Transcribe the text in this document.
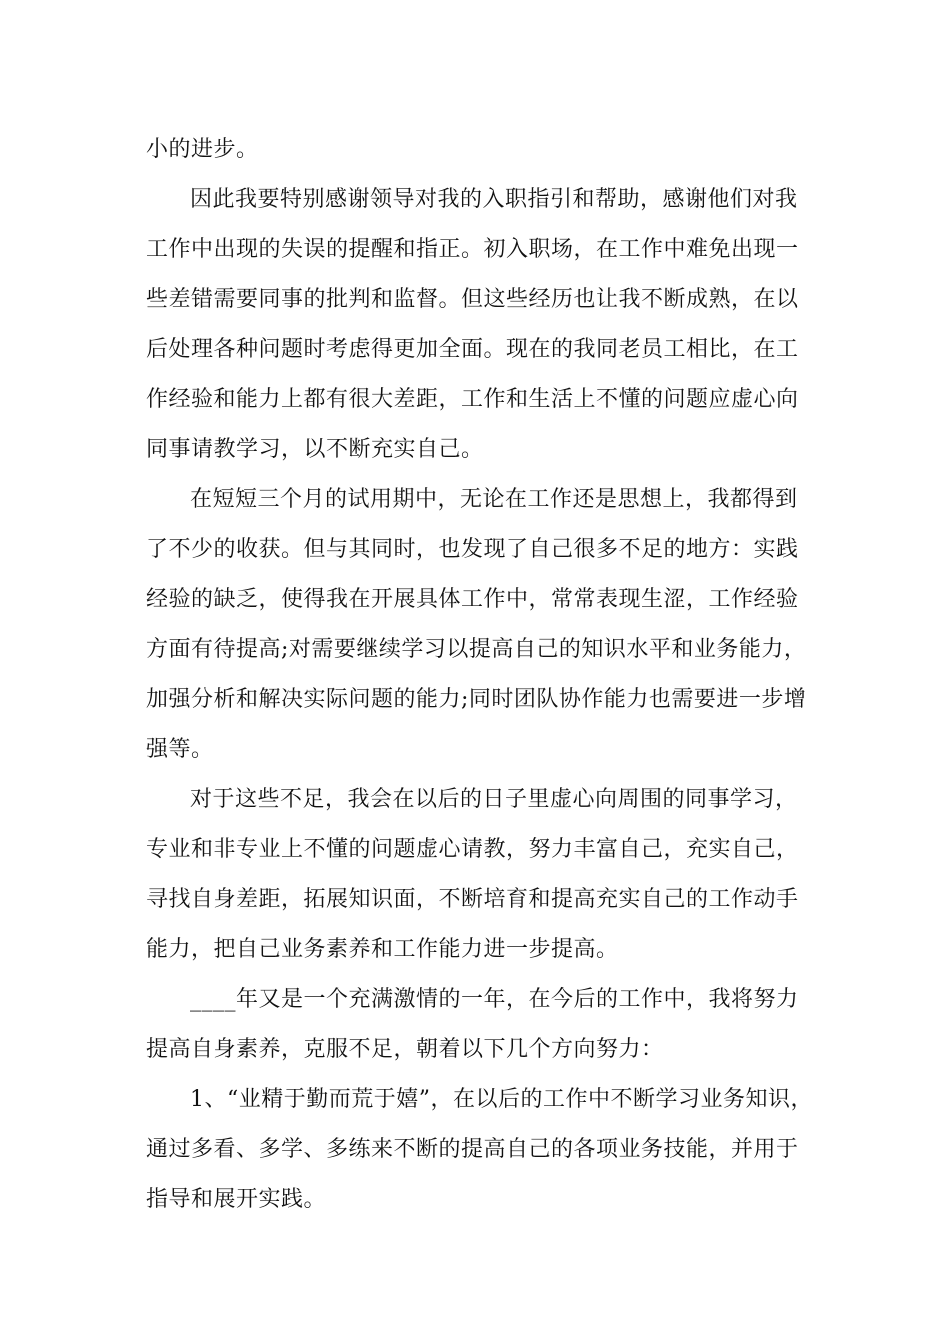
小的进步。
因此我要特别感谢领导对我的入职指引和帮助，感谢他们对我
工作中出现的失误的提醒和指正。初入职场，在工作中难免出现一
些差错需要同事的批判和监督。但这些经历也让我不断成熟，在以
后处理各种问题时考虑得更加全面。现在的我同老员工相比，在工
作经验和能力上都有很大差距，工作和生活上不懂的问题应虚心向
同事请教学习，以不断充实自己。
在短短三个月的试用期中，无论在工作还是思想上，我都得到
了不少的收获。但与其同时，也发现了自己很多不足的地方：实践
经验的缺乏，使得我在开展具体工作中，常常表现生涩，工作经验
方面有待提高;对需要继续学习以提高自己的知识水平和业务能力，
加强分析和解决实际问题的能力;同时团队协作能力也需要进一步增
强等。
对于这些不足，我会在以后的日子里虚心向周围的同事学习，
专业和非专业上不懂的问题虚心请教，努力丰富自己，充实自己，
寻找自身差距，拓展知识面，不断培育和提高充实自己的工作动手
能力，把自己业务素养和工作能力进一步提高。
____年又是一个充满激情的一年，在今后的工作中，我将努力
提高自身素养，克服不足，朝着以下几个方向努力：
1、“业精于勤而荒于嬉”，在以后的工作中不断学习业务知识，
通过多看、多学、多练来不断的提高自己的各项业务技能，并用于
指导和展开实践。
